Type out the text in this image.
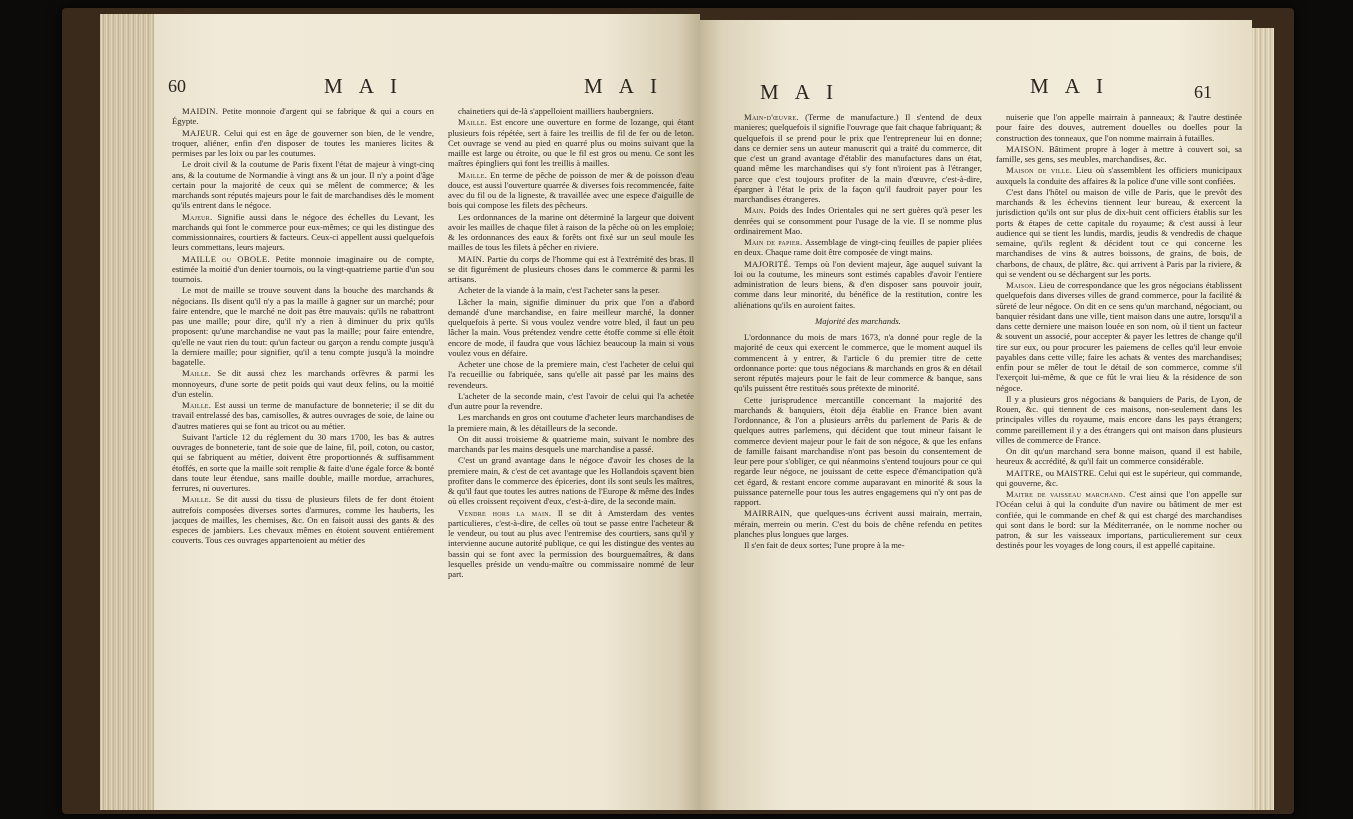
60	M A I	M A I

MAIDIN. Petite monnoie d'argent qui se fabrique & qui a cours en Égypte.

MAJEUR. Celui qui est en âge de gouverner son bien, de le vendre, troquer, aliéner, enfin d'en disposer de toutes les manieres licites & permises par les loix ou par les coutumes.

Le droit civil & la coutume de Paris fixent l'état de majeur à vingt-cinq ans, & la coutume de Normandie à vingt ans & un jour. Il n'y a point d'âge certain pour la majorité de ceux qui se mêlent de commerce; & les marchands sont réputés majeurs pour le fait de marchandises dès le moment qu'ils entrent dans le négoce.

Majeur. Signifie aussi dans le négoce des échelles du Levant, les marchands qui font le commerce pour eux-mêmes; ce qui les distingue des commissionnaires, courtiers & facteurs. Ceux-ci appellent aussi quelquefois leurs commettans, leurs majeurs.

MAILLE ou OBOLE. Petite monnoie imaginaire ou de compte, estimée la moitié d'un denier tournois, ou la vingt-quatrieme partie d'un sou tournois.

Le mot de maille se trouve souvent dans la bouche des marchands & négocians. Ils disent qu'il n'y a pas la maille à gagner sur un marché; pour faire entendre, que le marché ne doit pas être mauvais: qu'ils ne rabattront pas une maille; pour dire, qu'il n'y a rien à diminuer du prix qu'ils proposent: qu'une marchandise ne vaut pas la maille; pour faire entendre, qu'elle ne vaut rien du tout: qu'un facteur ou garçon a rendu compte jusqu'à la derniere maille; pour signifier, qu'il a tenu compte jusqu'à la moindre bagatelle.

Maille. Se dit aussi chez les marchands orfèvres & parmi les monnoyeurs, d'une sorte de petit poids qui vaut deux felins, ou la moitié d'un estelin.

Maille. Est aussi un terme de manufacture de bonneterie; il se dit du travail entrelassé des bas, camisolles, & autres ouvrages de soie, de laine ou d'autres matieres qui se font au tricot ou au métier.

Suivant l'article 12 du réglement du 30 mars 1700, les bas & autres ouvrages de bonneterie, tant de soie que de laine, fil, poil, coton, ou castor, qui se fabriquent au métier, doivent être proportionnés & suffisamment étoffés, en sorte que la maille soit remplie & faite d'une égale force & bonté dans toute leur étendue, sans maille double, maille mordue, arrachures, ferrures, ni ouvertures.

Maille. Se dit aussi du tissu de plusieurs filets de fer dont étoient autrefois composées diverses sortes d'armures, comme les hauberts, les jacques de mailles, les chemises, &c. On en faisoit aussi des gants & des especes de jambiers. Les chevaux mêmes en étoient souvent entiérement couverts. Tous ces ouvrages appartenoient au métier des

chainetiers qui de-là s'appelloient mailliers haubergniers.

Maille. Est encore une ouverture en forme de lozange, qui étant plusieurs fois répétée, sert à faire les treillis de fil de fer ou de leton. Cet ouvrage se vend au pied en quarré plus ou moins suivant que la maille est large ou étroite, ou que le fil est gros ou menu. Ce sont les maîtres épingliers qui font les treillis à mailles.

Maille. En terme de pêche de poisson de mer & de poisson d'eau douce, est aussi l'ouverture quarrée & diverses fois recommencée, faite avec du fil ou de la ligneste, & travaillée avec une espece d'aiguille de bois qui compose les filets des pêcheurs.

Les ordonnances de la marine ont déterminé la largeur que doivent avoir les mailles de chaque filet à raison de la pêche où on les emploie; & les ordonnances des eaux & forêts ont fixé sur un seul moule les mailles de tous les filets à pêcher en riviere.

MAIN. Partie du corps de l'homme qui est à l'extrémité des bras. Il se dit figurément de plusieurs choses dans le commerce & parmi les artisans.

Acheter de la viande à la main, c'est l'acheter sans la peser.

Lâcher la main, signifie diminuer du prix que l'on a d'abord demandé d'une marchandise, en faire meilleur marché, la donner quelquefois à perte. Si vous voulez vendre votre bled, il faut un peu lâcher la main. Vous prétendez vendre cette étoffe comme si elle étoit encore de mode, il faudra que vous lâchiez beaucoup la main si vous voulez vous en défaire.

Acheter une chose de la premiere main, c'est l'acheter de celui qui l'a recueillie ou fabriquée, sans qu'elle ait passé par les mains des revendeurs.

L'acheter de la seconde main, c'est l'avoir de celui qui l'a achetée d'un autre pour la revendre.

Les marchands en gros ont coutume d'acheter leurs marchandises de la premiere main, & les détailleurs de la seconde.

On dit aussi troisieme & quatrieme main, suivant le nombre des marchands par les mains desquels une marchandise a passé.

C'est un grand avantage dans le négoce d'avoir les choses de la premiere main, & c'est de cet avantage que les Hollandois sçavent bien profiter dans le commerce des épiceries, dont ils sont seuls les maîtres, & qu'il faut que toutes les autres nations de l'Europe & même des Indes où elles croissent reçoivent d'eux, c'est-à-dire, de la seconde main.

Vendre hors la main. Il se dit à Amsterdam des ventes particulieres, c'est-à-dire, de celles où tout se passe entre l'acheteur & le vendeur, ou tout au plus avec l'entremise des courtiers, sans qu'il y intervienne aucune autorité publique, ce qui les distingue des ventes au bassin qui se font avec la permission des bourguemaîtres, & dans lesquelles préside un vendu-maître ou commissaire nommé de leur part.

M A I	M A I	61

Main-d'œuvre. (Terme de manufacture.) Il s'entend de deux manieres; quelquefois il signifie l'ouvrage que fait chaque fabriquant; & quelquefois il se prend pour le prix que l'entrepreneur lui en donne; dans ce dernier sens un auteur manuscrit qui a traité du commerce, dit que c'est un grand avantage d'établir des manufactures dans un état, quand même les marchandises qui s'y font n'iroient pas à l'étranger, parce que c'est toujours profiter de la main d'œuvre, c'est-à-dire, épargner à l'état le prix de la façon qu'il faudroit payer pour les marchandises étrangeres.

Main. Poids des Indes Orientales qui ne sert guères qu'à peser les denrées qui se consomment pour l'usage de la vie. Il se nomme plus ordinairement Mao.

Main de papier. Assemblage de vingt-cinq feuilles de papier pliées en deux. Chaque rame doit être composée de vingt mains.

MAJORITÉ. Temps où l'on devient majeur, âge auquel suivant la loi ou la coutume, les mineurs sont estimés capables d'avoir l'entiere administration de leurs biens, & d'en disposer sans pouvoir jouir, comme dans leur minorité, du bénéfice de la restitution, contre les aliénations qu'ils en auroient faites.

Majorité des marchands.

L'ordonnance du mois de mars 1673, n'a donné pour regle de la majorité de ceux qui exercent le commerce, que le moment auquel ils commencent à y entrer, & l'article 6 du premier titre de cette ordonnance porte: que tous négocians & marchands en gros & en détail seront réputés majeurs pour le fait de leur commerce & banque, sans qu'ils puissent être restitués sous prétexte de minorité.

Cette jurisprudence mercantille concernant la majorité des marchands & banquiers, étoit déja établie en France bien avant l'ordonnance, & l'on a plusieurs arrêts du parlement de Paris & de quelques autres parlemens, qui décident que tout mineur faisant le commerce devient majeur pour le fait de son négoce, & que les enfans de famille faisant marchandise n'ont pas besoin du consentement de leur pere pour s'obliger, ce qui néanmoins s'entend toujours pour ce qui regarde leur négoce, ne jouissant de cette espece d'émancipation qu'à cet égard, & restant encore comme auparavant en minorité & sous la puissance paternelle pour tous les autres engagemens qui n'y ont pas de rapport.

MAIRRAIN, que quelques-uns écrivent aussi mairain, merrain, mérain, merrein ou merin. C'est du bois de chêne refendu en petites planches plus longues que larges.

Il s'en fait de deux sortes; l'une propre à la me-

nuiserie que l'on appelle mairrain à panneaux; & l'autre destinée pour faire des douves, autrement douelles ou doelles pour la construction des tonneaux, que l'on nomme mairrain à futailles.

MAISON. Bâtiment propre à loger à mettre à couvert soi, sa famille, ses gens, ses meubles, marchandises, &c.

Maison de ville. Lieu où s'assemblent les officiers municipaux auxquels la conduite des affaires & la police d'une ville sont confiées.

C'est dans l'hôtel ou maison de ville de Paris, que le prevôt des marchands & les échevins tiennent leur bureau, & exercent la jurisdiction qu'ils ont sur plus de dix-huit cent officiers établis sur les ports & étapes de cette capitale du royaume; & c'est aussi à leur audience qui se tient les lundis, mardis, jeudis & vendredis de chaque semaine, qu'ils reglent & décident tout ce qui concerne les marchandises de vins & autres boissons, de grains, de bois, de charbons, de chaux, de plâtre, &c. qui arrivent à Paris par la riviere, & qui se vendent ou se déchargent sur les ports.

Maison. Lieu de correspondance que les gros négocians établissent quelquefois dans diverses villes de grand commerce, pour la facilité & sûreté de leur négoce. On dit en ce sens qu'un marchand, négociant, ou banquier résidant dans une ville, tient maison dans une autre, lorsqu'il a dans cette derniere une maison louée en son nom, où il tient un facteur & souvent un associé, pour accepter & payer les lettres de change qu'il tire sur eux, ou pour procurer les paiemens de celles qu'il leur envoie payables dans cette ville; faire les achats & ventes des marchandises; enfin pour se mêler de tout le détail de son commerce, comme s'il l'exerçoit lui-même, & que ce fût le vrai lieu & la résidence de son négoce.

Il y a plusieurs gros négocians & banquiers de Paris, de Lyon, de Rouen, &c. qui tiennent de ces maisons, non-seulement dans les principales villes du royaume, mais encore dans les pays étrangers; comme pareillement il y a des étrangers qui ont maison dans plusieurs villes de commerce de France.

On dit qu'un marchand sera bonne maison, quand il est habile, heureux & accrédité, & qu'il fait un commerce considérable.

MAITRE, ou MAISTRE. Celui qui est le supérieur, qui commande, qui gouverne, &c.

Maitre de vaisseau marchand. C'est ainsi que l'on appelle sur l'Océan celui à qui la conduite d'un navire ou bâtiment de mer est confiée, qui le commande en chef & qui est chargé des marchandises qui sont dans le bord: sur la Méditerranée, on le nomme nocher ou patron, & sur les vaisseaux importans, particulierement sur ceux destinés pour les voyages de long cours, il est appellé capitaine.
